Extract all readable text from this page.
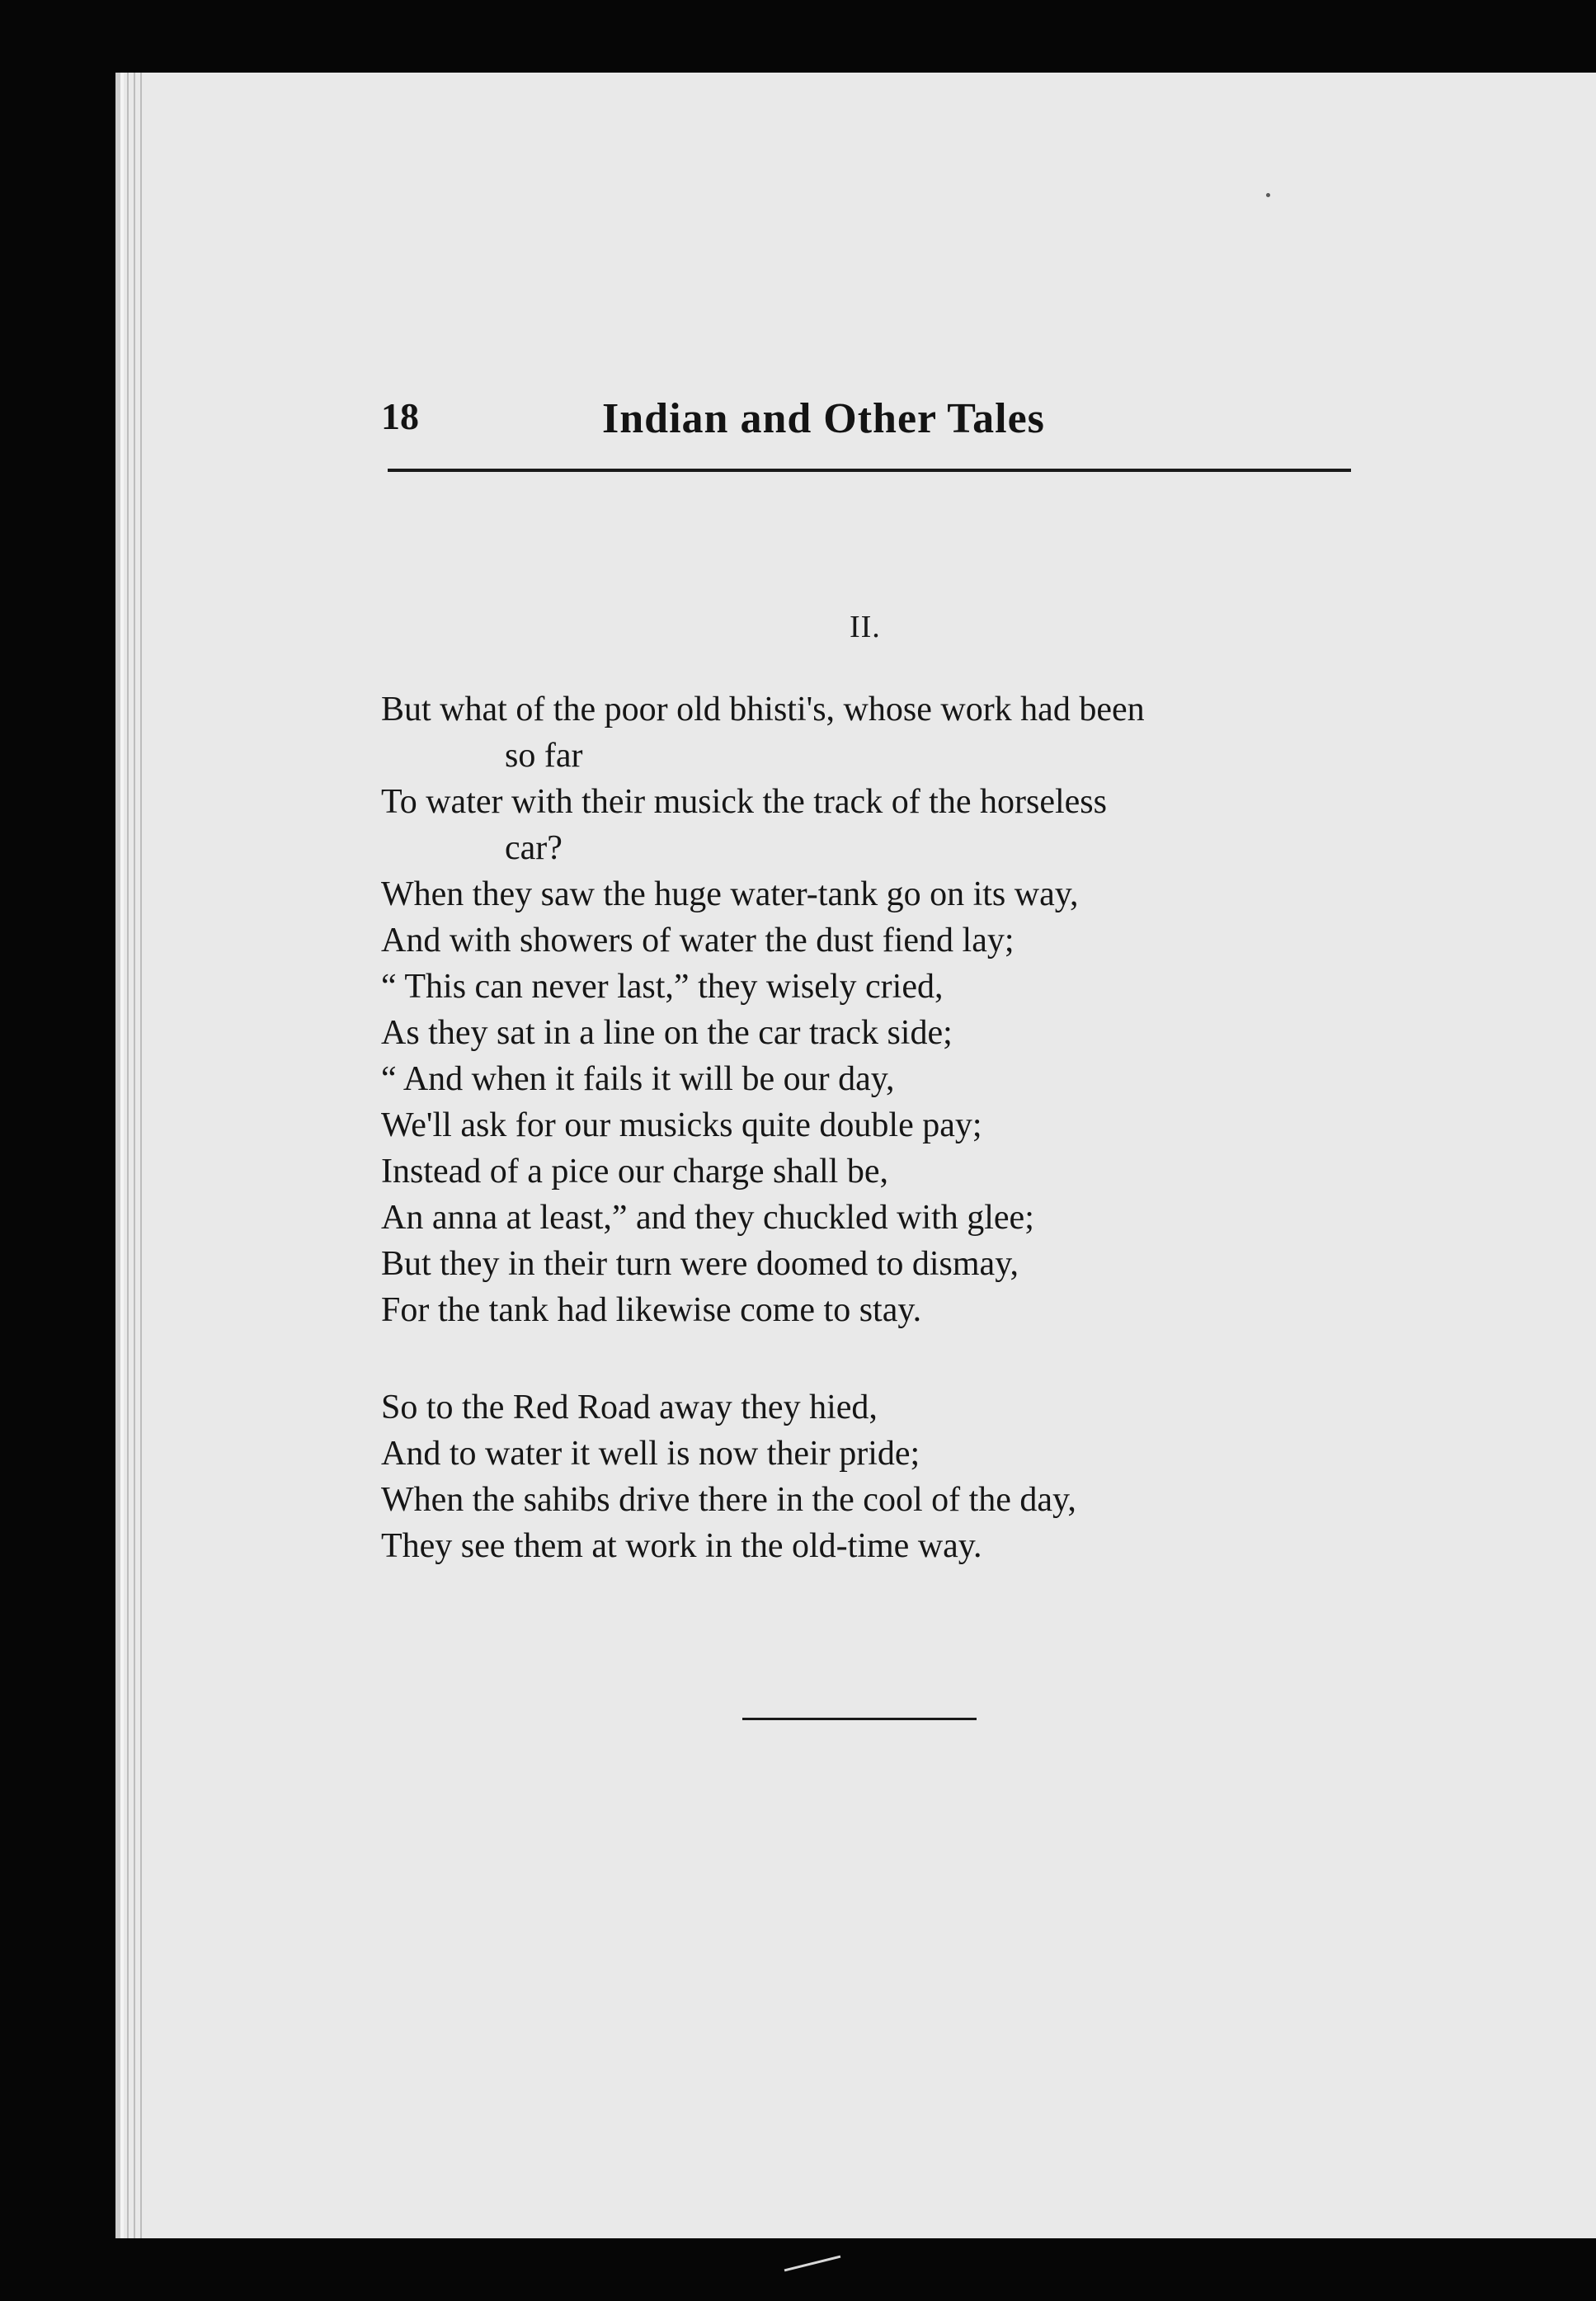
18	Indian and Other Tales
II.
But what of the poor old bhisti's, whose work had been
so far
To water with their musick the track of the horseless
car?
When they saw the huge water-tank go on its way,
And with showers of water the dust fiend lay;
“ This can never last,” they wisely cried,
As they sat in a line on the car track side;
“ And when it fails it will be our day,
We'll ask for our musicks quite double pay;
Instead of a pice our charge shall be,
An anna at least,” and they chuckled with glee;
But they in their turn were doomed to dismay,
For the tank had likewise come to stay.
So to the Red Road away they hied,
And to water it well is now their pride;
When the sahibs drive there in the cool of the day,
They see them at work in the old-time way.
